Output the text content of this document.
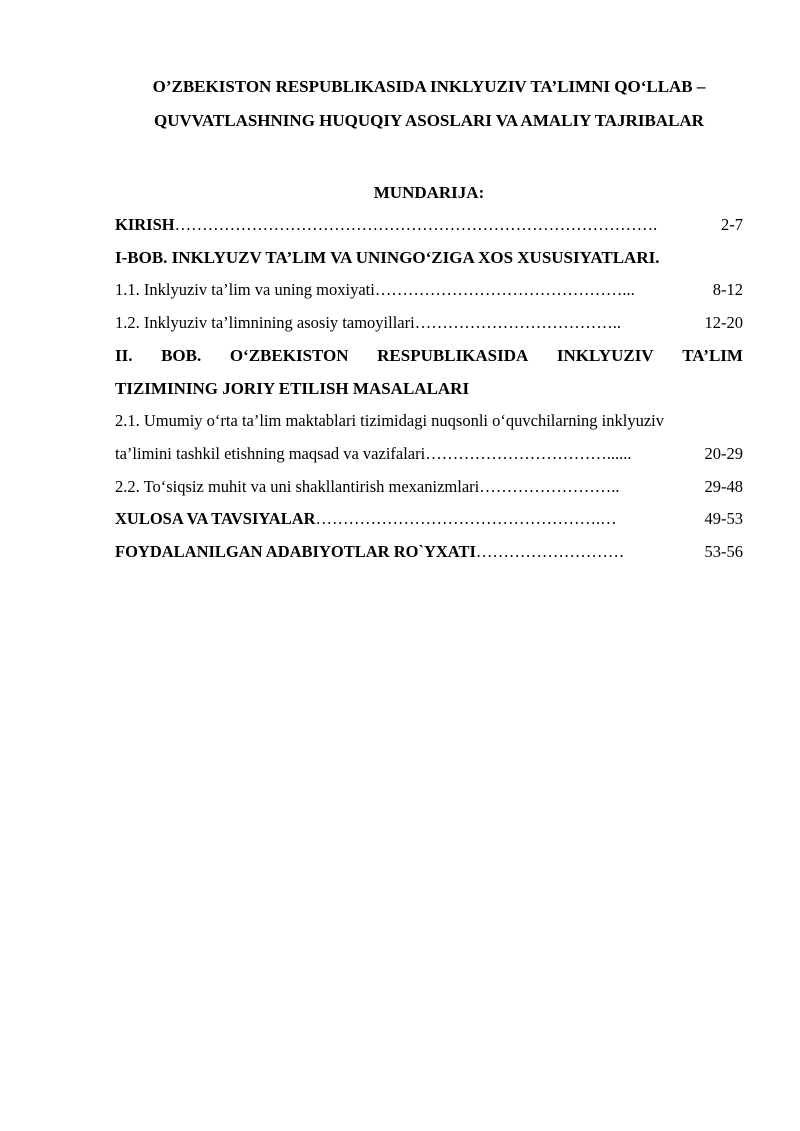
O’ZBEKISTON RESPUBLIKASIDA INKLYUZIV TA’LIMNI QO‘LLAB –

QUVVATLASHNING HUQUQIY ASOSLARI VA AMALIY TAJRIBALAR

MUNDARIJA:

KIRISH …………………………………………………………………………….	2-7
I-BOB. INKLYUZV TA’LIM VA UNINGO‘ZIGA XOS XUSUSIYATLARI.
1.1. Inklyuziv ta’lim va uning moxiyati ………………………………………...	8-12
1.2. Inklyuziv ta’limnining asosiy tamoyillari ………………………………..	12-20
II. BOB. O‘ZBEKISTON RESPUBLIKASIDA INKLYUZIV TA’LIM
TIZIMINING JORIY ETILISH MASALALARI
2.1. Umumiy o‘rta ta’lim maktablari tizimidagi nuqsonli o‘quvchilarning inklyuziv
ta’limini tashkil etishning maqsad va vazifalari ……………………………......	20-29
2.2. To‘siqsiz muhit va uni shakllantirish mexanizmlari ……………………..	29-48
XULOSA VA TAVSIYALAR …………………………………………….…	49-53
FOYDALANILGAN ADABIYOTLAR RO`YXATI ………………………	53-56
